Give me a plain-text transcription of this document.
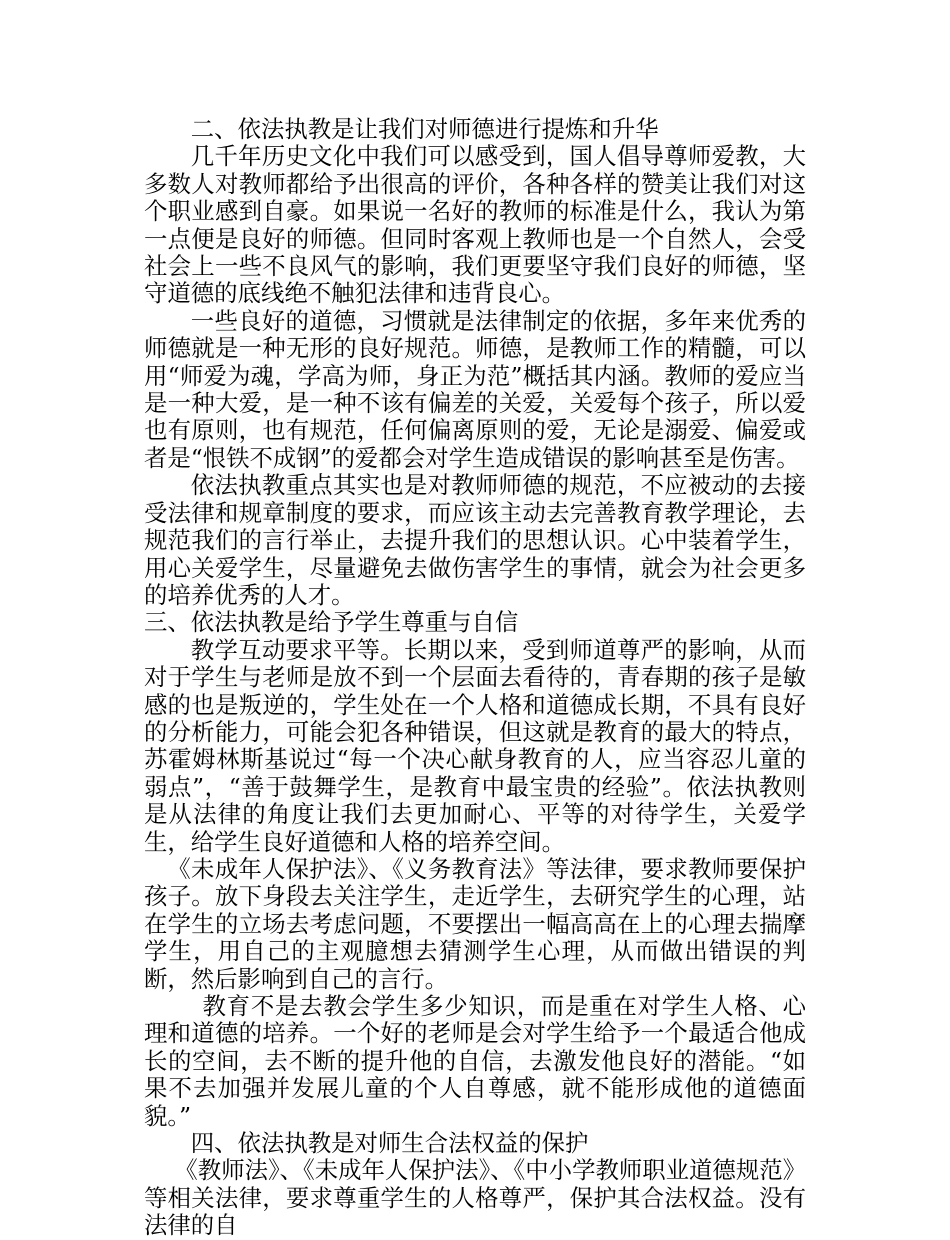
二、依法执教是让我们对师德进行提炼和升华

几千年历史文化中我们可以感受到，国人倡导尊师爱教，大多数人对教师都给予出很高的评价，各种各样的赞美让我们对这个职业感到自豪。如果说一名好的教师的标准是什么，我认为第一点便是良好的师德。但同时客观上教师也是一个自然人，会受社会上一些不良风气的影响，我们更要坚守我们良好的师德，坚守道德的底线绝不触犯法律和违背良心。

一些良好的道德，习惯就是法律制定的依据，多年来优秀的师德就是一种无形的良好规范。师德，是教师工作的精髓，可以用“师爱为魂，学高为师，身正为范”概括其内涵。教师的爱应当是一种大爱，是一种不该有偏差的关爱，关爱每个孩子，所以爱也有原则，也有规范，任何偏离原则的爱，无论是溺爱、偏爱或者是“恨铁不成钢”的爱都会对学生造成错误的影响甚至是伤害。

依法执教重点其实也是对教师师德的规范，不应被动的去接受法律和规章制度的要求，而应该主动去完善教育教学理论，去规范我们的言行举止，去提升我们的思想认识。心中装着学生，用心关爱学生，尽量避免去做伤害学生的事情，就会为社会更多的培养优秀的人才。

三、依法执教是给予学生尊重与自信

教学互动要求平等。长期以来，受到师道尊严的影响，从而对于学生与老师是放不到一个层面去看待的，青春期的孩子是敏感的也是叛逆的，学生处在一个人格和道德成长期，不具有良好的分析能力，可能会犯各种错误，但这就是教育的最大的特点，苏霍姆林斯基说过“每一个决心献身教育的人，应当容忍儿童的弱点”，“善于鼓舞学生，是教育中最宝贵的经验”。依法执教则是从法律的角度让我们去更加耐心、平等的对待学生，关爱学生，给学生良好道德和人格的培养空间。

《未成年人保护法》、《义务教育法》等法律，要求教师要保护孩子。放下身段去关注学生，走近学生，去研究学生的心理，站在学生的立场去考虑问题，不要摆出一幅高高在上的心理去揣摩学生，用自己的主观臆想去猜测学生心理，从而做出错误的判断，然后影响到自己的言行。

教育不是去教会学生多少知识，而是重在对学生人格、心理和道德的培养。一个好的老师是会对学生给予一个最适合他成长的空间，去不断的提升他的自信，去激发他良好的潜能。“如果不去加强并发展儿童的个人自尊感，就不能形成他的道德面貌。”

四、依法执教是对师生合法权益的保护

《教师法》、《未成年人保护法》、《中小学教师职业道德规范》等相关法律，要求尊重学生的人格尊严，保护其合法权益。没有法律的自
